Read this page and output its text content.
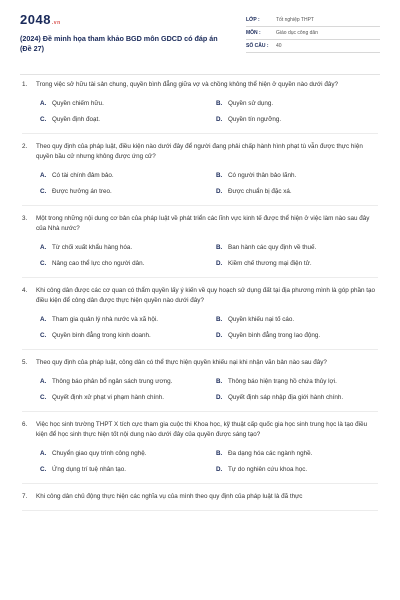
2048.vn
(2024) Đề minh họa tham khảo BGD môn GDCD có đáp án (Đề 27)
LỚP :	Tốt nghiệp THPT
MÔN :	Giáo dục công dân
SỐ CÂU :	40
1.	Trong việc sở hữu tài sản chung, quyền bình đẳng giữa vợ và chồng không thể hiện ở quyền nào dưới đây?
A. Quyền chiếm hữu.	B. Quyền sử dụng.
C. Quyền định đoạt.	D. Quyền tín ngưỡng.
2.	Theo quy định của pháp luật, điều kiện nào dưới đây để người đang phải chấp hành hình phạt tù vẫn được thực hiện quyền bầu cử nhưng không được ứng cử?
A. Có tài chính đảm bảo.	B. Có người thân bảo lãnh.
C. Được hưởng án treo.	D. Được chuẩn bị đặc xá.
3.	Một trong những nội dung cơ bản của pháp luật về phát triển các lĩnh vực kinh tế được thể hiện ở việc làm nào sau đây của Nhà nước?
A. Từ chối xuất khẩu hàng hóa.	B. Ban hành các quy định về thuế.
C. Nâng cao thể lực cho người dân.	D. Kiềm chế thương mại điện tử.
4.	Khi công dân được các cơ quan có thẩm quyền lấy ý kiến về quy hoạch sử dụng đất tại địa phương mình là góp phần tạo điều kiện để công dân được thực hiện quyền nào dưới đây?
A. Tham gia quản lý nhà nước và xã hội.	B. Quyền khiếu nại tố cáo.
C. Quyền bình đẳng trong kinh doanh.	D. Quyền bình đẳng trong lao động.
5.	Theo quy định của pháp luật, công dân có thể thực hiện quyền khiếu nại khi nhận văn bản nào sau đây?
A. Thông báo phân bổ ngân sách trung ương.	B. Thông báo hiện trạng hồ chứa thủy lợi.
C. Quyết định xử phạt vi phạm hành chính.	D. Quyết định sáp nhập địa giới hành chính.
6.	Việc học sinh trường THPT X tích cực tham gia cuộc thi Khoa học, kỹ thuật cấp quốc gia học sinh trung học là tạo điều kiện để học sinh thực hiện tốt nội dung nào dưới đây của quyền được sáng tạo?
A. Chuyển giao quy trình công nghệ.	B. Đa dạng hóa các ngành nghề.
C. Ứng dụng trí tuệ nhân tạo.	D. Tự do nghiên cứu khoa học.
7.	Khi công dân chủ động thực hiện các nghĩa vụ của mình theo quy định của pháp luật là đã thực
